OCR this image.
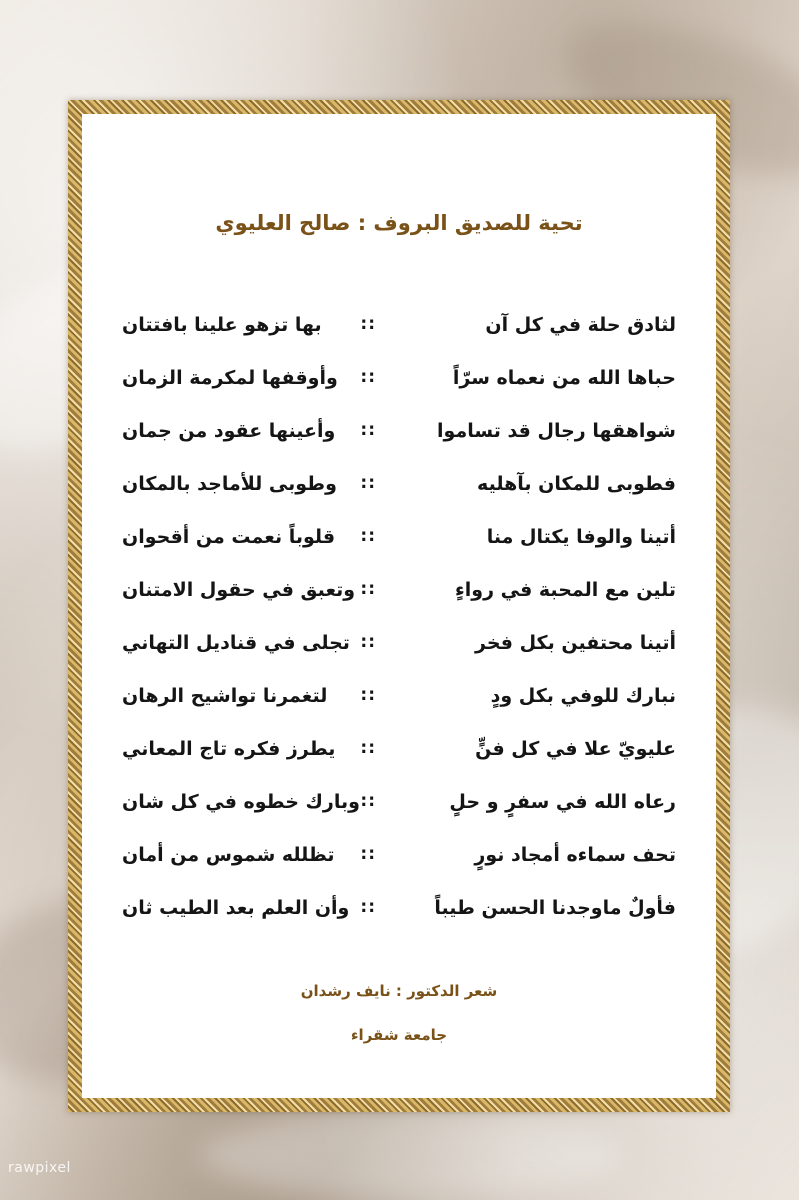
تحية للصديق البروف : صالح العليوي
لثادق حلة في كل آن
::
بها تزهو علينا بافتتان
حباها الله من نعماه سرّاً
::
وأوقفها لمكرمة الزمان
شواهقها رجال قد تساموا
::
وأعينها عقود من جمان
فطوبى للمكان بآهليه
::
وطوبى للأماجد بالمكان
أتينا والوفا يكتال منا
::
قلوباً نعمت من أقحوان
تلين مع المحبة في رواءٍ
::
وتعبق في حقول الامتنان
أتينا محتفين بكل فخر
::
تجلى في قناديل التهاني
نبارك للوفي بكل ودٍ
::
لتغمرنا تواشيح الرهان
عليويّ علا في كل فنٍّ
::
يطرز فكره تاج المعاني
رعاه الله في سفرٍ و حلٍ
::
وبارك خطوه في كل شان
تحف سماءه أمجاد نورٍ
::
تظلله شموس من أمان
فأولٌ ماوجدنا الحسن طيباً
::
وأن العلم بعد الطيب ثان
شعر الدكتور : نايف رشدان
جامعة شقراء
rawpixel
